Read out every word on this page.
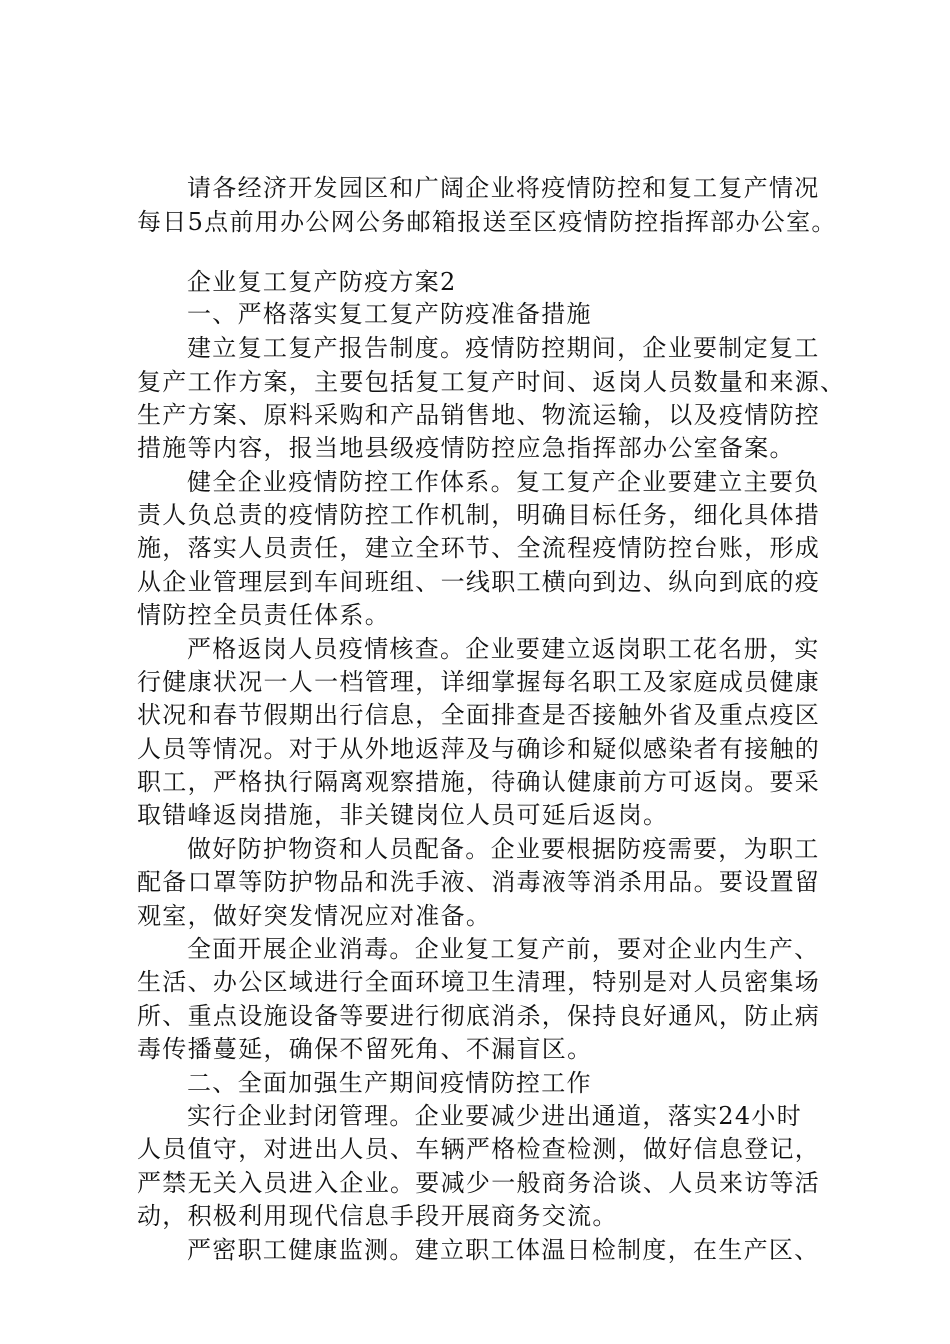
请各经济开发园区和广阔企业将疫情防控和复工复产情况
每日5点前用办公网公务邮箱报送至区疫情防控指挥部办公室。
企业复工复产防疫方案2
一、严格落实复工复产防疫准备措施
建立复工复产报告制度。疫情防控期间，企业要制定复工
复产工作方案，主要包括复工复产时间、返岗人员数量和来源、
生产方案、原料采购和产品销售地、物流运输，以及疫情防控
措施等内容，报当地县级疫情防控应急指挥部办公室备案。
健全企业疫情防控工作体系。复工复产企业要建立主要负
责人负总责的疫情防控工作机制，明确目标任务，细化具体措
施，落实人员责任，建立全环节、全流程疫情防控台账，形成
从企业管理层到车间班组、一线职工横向到边、纵向到底的疫
情防控全员责任体系。
严格返岗人员疫情核查。企业要建立返岗职工花名册，实
行健康状况一人一档管理，详细掌握每名职工及家庭成员健康
状况和春节假期出行信息，全面排查是否接触外省及重点疫区
人员等情况。对于从外地返萍及与确诊和疑似感染者有接触的
职工，严格执行隔离观察措施，待确认健康前方可返岗。要采
取错峰返岗措施，非关键岗位人员可延后返岗。
做好防护物资和人员配备。企业要根据防疫需要，为职工
配备口罩等防护物品和洗手液、消毒液等消杀用品。要设置留
观室，做好突发情况应对准备。
全面开展企业消毒。企业复工复产前，要对企业内生产、
生活、办公区域进行全面环境卫生清理，特别是对人员密集场
所、重点设施设备等要进行彻底消杀，保持良好通风，防止病
毒传播蔓延，确保不留死角、不漏盲区。
二、全面加强生产期间疫情防控工作
实行企业封闭管理。企业要减少进出通道，落实24小时
人员值守，对进出人员、车辆严格检查检测，做好信息登记，
严禁无关入员进入企业。要减少一般商务洽谈、人员来访等活
动，积极利用现代信息手段开展商务交流。
严密职工健康监测。建立职工体温日检制度，在生产区、
